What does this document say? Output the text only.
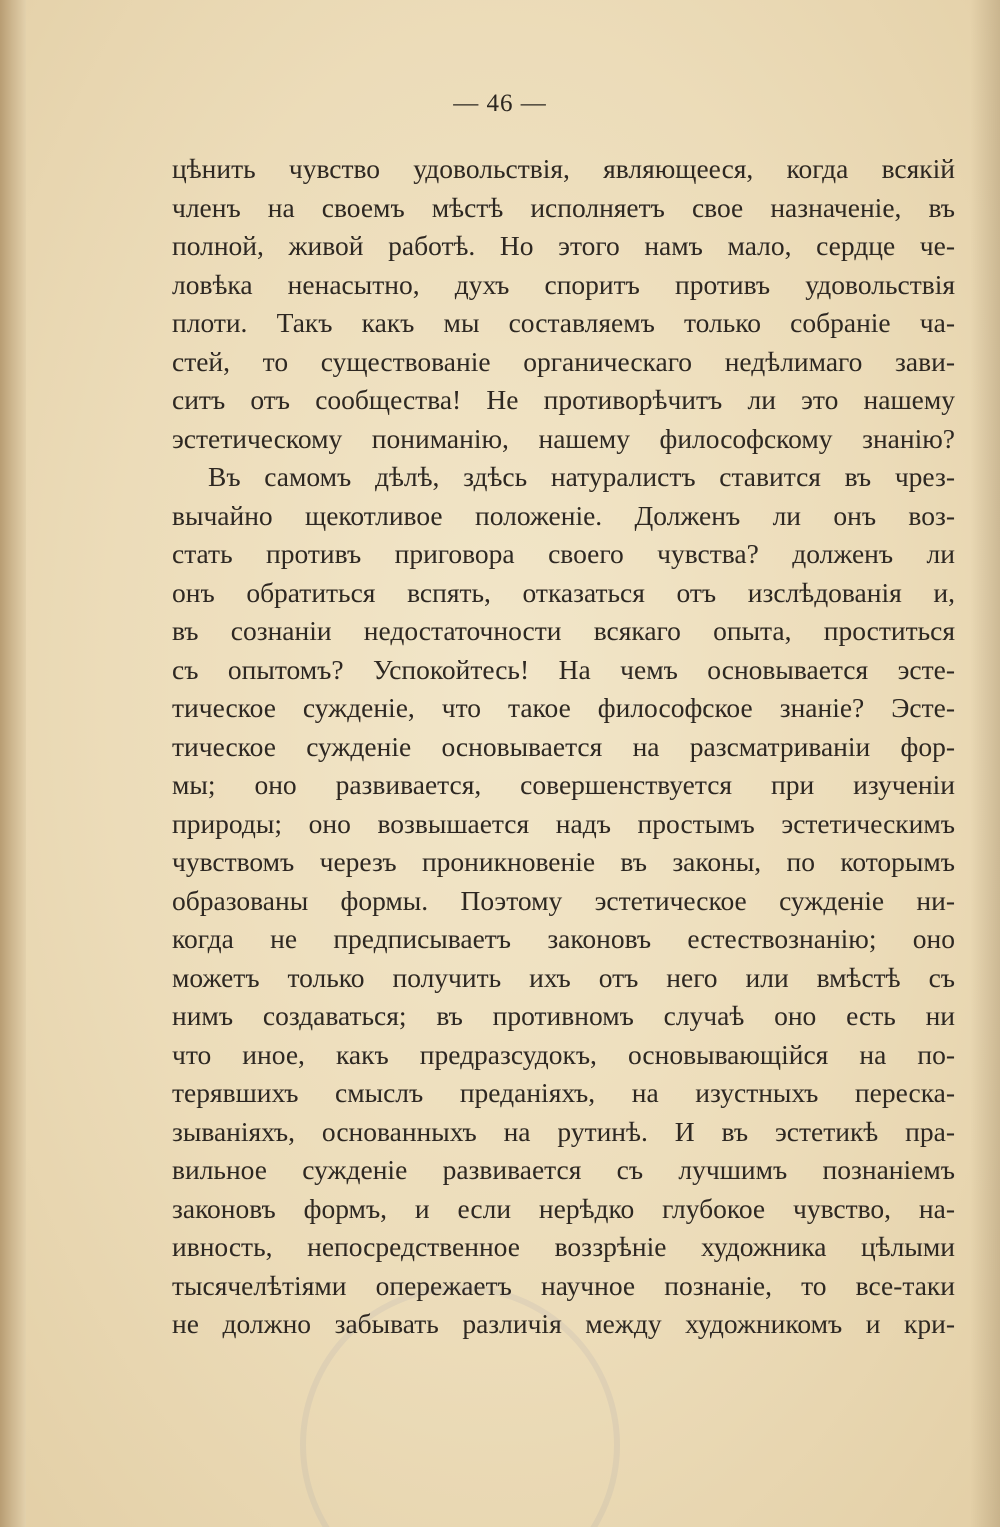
— 46 —
цѣнить чувство удовольствія, являющееся, когда всякій
членъ на своемъ мѣстѣ исполняетъ свое назначеніе, въ
полной, живой работѣ. Но этого намъ мало, сердце че-
ловѣка ненасытно, духъ споритъ противъ удовольствія
плоти. Такъ какъ мы составляемъ только собраніе ча-
стей, то существованіе органическаго недѣлимаго зави-
ситъ отъ сообщества! Не противорѣчитъ ли это нашему
эстетическому пониманію, нашему философскому знанію?
Въ самомъ дѣлѣ, здѣсь натуралистъ ставится въ чрез-
вычайно щекотливое положеніе. Долженъ ли онъ воз-
стать противъ приговора своего чувства? долженъ ли
онъ обратиться вспять, отказаться отъ изслѣдованія и,
въ сознаніи недостаточности всякаго опыта, проститься
съ опытомъ? Успокойтесь! На чемъ основывается эсте-
тическое сужденіе, что такое философское знаніе? Эсте-
тическое сужденіе основывается на разсматриваніи фор-
мы; оно развивается, совершенствуется при изученіи
природы; оно возвышается надъ простымъ эстетическимъ
чувствомъ черезъ проникновеніе въ законы, по которымъ
образованы формы. Поэтому эстетическое сужденіе ни-
когда не предписываетъ законовъ естествознанію; оно
можетъ только получить ихъ отъ него или вмѣстѣ съ
нимъ создаваться; въ противномъ случаѣ оно есть ни
что иное, какъ предразсудокъ, основывающійся на по-
терявшихъ смыслъ преданіяхъ, на изустныхъ переска-
зываніяхъ, основанныхъ на рутинѣ. И въ эстетикѣ пра-
вильное сужденіе развивается съ лучшимъ познаніемъ
законовъ формъ, и если нерѣдко глубокое чувство, на-
ивность, непосредственное воззрѣніе художника цѣлыми
тысячелѣтіями опережаетъ научное познаніе, то все-таки
не должно забывать различія между художникомъ и кри-
